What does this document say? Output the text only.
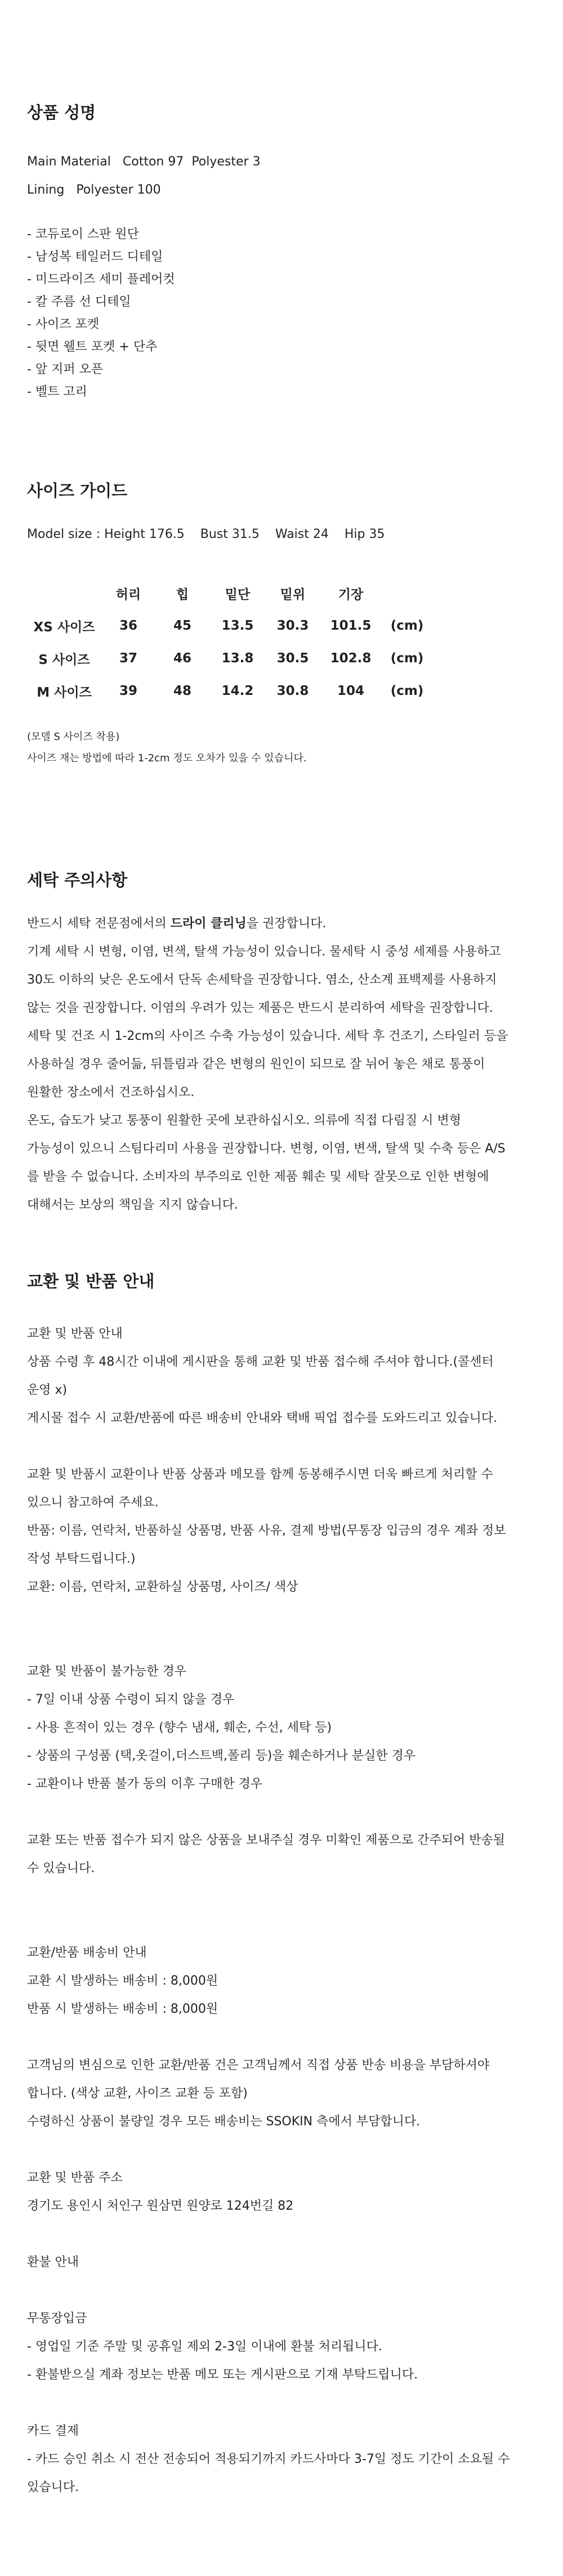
상품 성명

Main Material   Cotton 97  Polyester 3

Lining   Polyester 100

- 코듀로이 스판 원단
- 남성복 테일러드 디테일
- 미드라이즈 세미 플레어컷
- 칼 주름 선 디테일
- 사이즈 포켓
- 뒷면 웰트 포켓 + 단추
- 앞 지퍼 오픈
- 벨트 고리
사이즈 가이드

Model size : Height 176.5    Bust 31.5    Waist 24    Hip 35

	허리	힙	밑단	밑위	기장	
XS 사이즈	36	45	13.5	30.3	101.5	(cm)
S 사이즈	37	46	13.8	30.5	102.8	(cm)
M 사이즈	39	48	14.2	30.8	104	(cm)

(모델 S 사이즈 착용)

사이즈 재는 방법에 따라 1-2cm 정도 오차가 있을 수 있습니다.

세탁 주의사항

반드시 세탁 전문점에서의 드라이 클리닝을 권장합니다.

기계 세탁 시 변형, 이염, 변색, 탈색 가능성이 있습니다. 물세탁 시 중성 세제를 사용하고

30도 이하의 낮은 온도에서 단독 손세탁을 권장합니다. 염소, 산소계 표백제를 사용하지

않는 것을 권장합니다. 이염의 우려가 있는 제품은 반드시 분리하여 세탁을 권장합니다.

세탁 및 건조 시 1-2cm의 사이즈 수축 가능성이 있습니다. 세탁 후 건조기, 스타일러 등을

사용하실 경우 줄어듦, 뒤틀림과 같은 변형의 원인이 되므로 잘 뉘어 놓은 채로 통풍이

원활한 장소에서 건조하십시오.

온도, 습도가 낮고 통풍이 원활한 곳에 보관하십시오. 의류에 직접 다림질 시 변형

가능성이 있으니 스팀다리미 사용을 권장합니다. 변형, 이염, 변색, 탈색 및 수축 등은 A/S

를 받을 수 없습니다. 소비자의 부주의로 인한 제품 훼손 및 세탁 잘못으로 인한 변형에

대해서는 보상의 책임을 지지 않습니다.

교환 및 반품 안내

교환 및 반품 안내

상품 수령 후 48시간 이내에 게시판을 통해 교환 및 반품 접수해 주셔야 합니다.(콜센터

운영 x)

게시물 접수 시 교환/반품에 따른 배송비 안내와 택배 픽업 접수를 도와드리고 있습니다.

교환 및 반품시 교환이나 반품 상품과 메모를 함께 동봉해주시면 더욱 빠르게 처리할 수

있으니 참고하여 주세요.

반품: 이름, 연락처, 반품하실 상품명, 반품 사유, 결제 방법(무통장 입금의 경우 계좌 정보

작성 부탁드립니다.)

교환: 이름, 연락처, 교환하실 상품명, 사이즈/ 색상

교환 및 반품이 불가능한 경우

- 7일 이내 상품 수령이 되지 않을 경우

- 사용 흔적이 있는 경우 (향수 냄새, 훼손, 수선, 세탁 등)

- 상품의 구성품 (택,옷걸이,더스트백,폴리 등)을 훼손하거나 분실한 경우

- 교환이나 반품 불가 동의 이후 구매한 경우

교환 또는 반품 접수가 되지 않은 상품을 보내주실 경우 미확인 제품으로 간주되어 반송될

수 있습니다.

교환/반품 배송비 안내

교환 시 발생하는 배송비 : 8,000원

반품 시 발생하는 배송비 : 8,000원

고객님의 변심으로 인한 교환/반품 건은 고객님께서 직접 상품 반송 비용을 부담하셔야

합니다. (색상 교환, 사이즈 교환 등 포함)

수령하신 상품이 불량일 경우 모든 배송비는 SSOKIN 측에서 부담합니다.

교환 및 반품 주소

경기도 용인시 처인구 원삼면 원양로 124번길 82

환불 안내

무통장입금

- 영업일 기준 주말 및 공휴일 제외 2-3일 이내에 환불 처리됩니다.

- 환불받으실 계좌 정보는 반품 메모 또는 게시판으로 기재 부탁드립니다.

카드 결제

- 카드 승인 취소 시 전산 전송되어 적용되기까지 카드사마다 3-7일 정도 기간이 소요될 수

있습니다.
